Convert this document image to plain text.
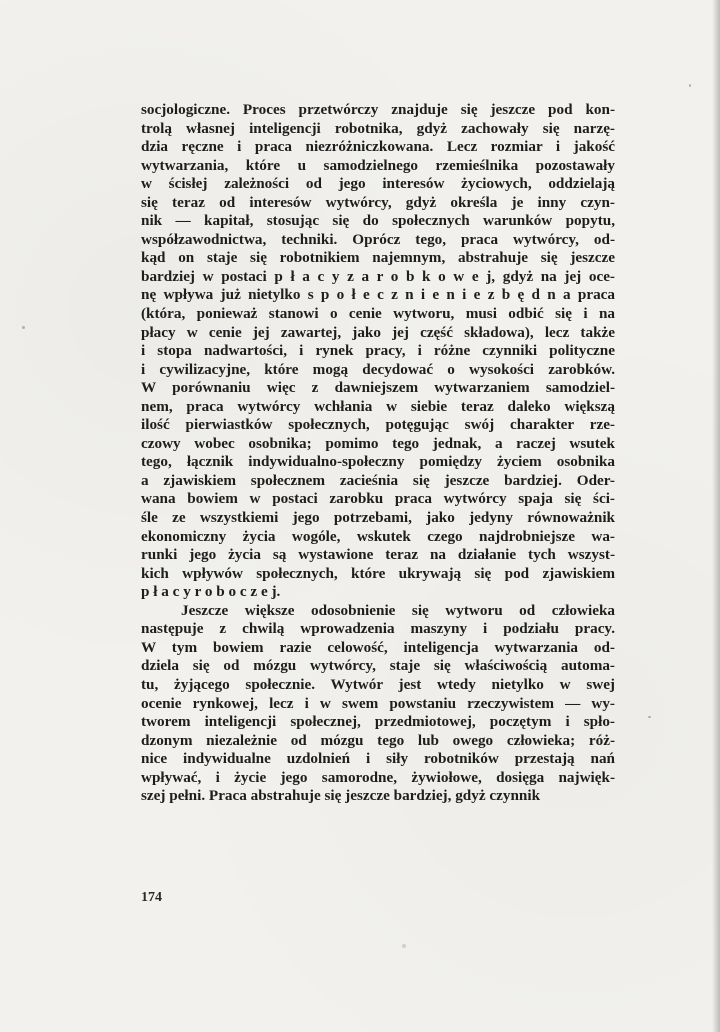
socjologiczne. Proces przetwórczy znajduje się jeszcze pod kon-
trolą własnej inteligencji robotnika, gdyż zachowały się narzę-
dzia ręczne i praca niezróżniczkowana. Lecz rozmiar i jakość
wytwarzania, które u samodzielnego rzemieślnika pozostawały
w ścisłej zależności od jego interesów życiowych, oddzielają
się teraz od interesów wytwórcy, gdyż określa je inny czyn-
nik — kapitał, stosując się do społecznych warunków popytu,
współzawodnictwa, techniki. Oprócz tego, praca wytwórcy, od-
kąd on staje się robotnikiem najemnym, abstrahuje się jeszcze
bardziej w postaci p ł a c y z a r o b k o w e j, gdyż na jej oce-
nę wpływa już nietylko s p o ł e c z n i e n i e z b ę d n a praca
(która, ponieważ stanowi o cenie wytworu, musi odbić się i na
płacy w cenie jej zawartej, jako jej część składowa), lecz także
i stopa nadwartości, i rynek pracy, i różne czynniki polityczne
i cywilizacyjne, które mogą decydować o wysokości zarobków.
W porównaniu więc z dawniejszem wytwarzaniem samodziel-
nem, praca wytwórcy wchłania w siebie teraz daleko większą
ilość pierwiastków społecznych, potęgując swój charakter rze-
czowy wobec osobnika; pomimo tego jednak, a raczej wsutek
tego, łącznik indywidualno-społeczny pomiędzy życiem osobnika
a zjawiskiem społecznem zacieśnia się jeszcze bardziej. Oder-
wana bowiem w postaci zarobku praca wytwórcy spaja się ści-
śle ze wszystkiemi jego potrzebami, jako jedyny równoważnik
ekonomiczny życia wogóle, wskutek czego najdrobniejsze wa-
runki jego życia są wystawione teraz na działanie tych wszyst-
kich wpływów społecznych, które ukrywają się pod zjawiskiem
p ł a c y r o b o c z e j.
Jeszcze większe odosobnienie się wytworu od człowieka
następuje z chwilą wprowadzenia maszyny i podziału pracy.
W tym bowiem razie celowość, inteligencja wytwarzania od-
dziela się od mózgu wytwórcy, staje się właściwością automa-
tu, żyjącego społecznie. Wytwór jest wtedy nietylko w swej
ocenie rynkowej, lecz i w swem powstaniu rzeczywistem — wy-
tworem inteligencji społecznej, przedmiotowej, poczętym i spło-
dzonym niezależnie od mózgu tego lub owego człowieka; róż-
nice indywidualne uzdolnień i siły robotników przestają nań
wpływać, i życie jego samorodne, żywiołowe, dosięga najwięk-
szej pełni. Praca abstrahuje się jeszcze bardziej, gdyż czynnik
174
